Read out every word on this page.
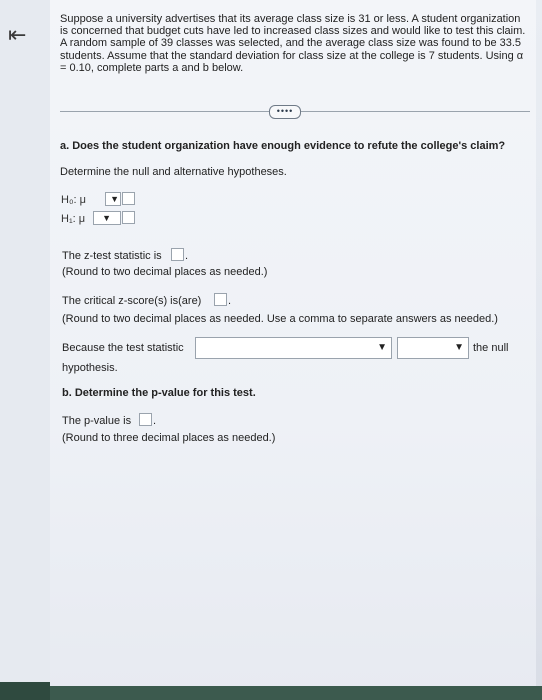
⇤
Suppose a university advertises that its average class size is 31 or less. A student organization is concerned that budget cuts have led to increased class sizes and would like to test this claim. A random sample of 39 classes was selected, and the average class size was found to be 33.5 students. Assume that the standard deviation for class size at the college is 7 students. Using α = 0.10, complete parts a and b below.
••••
a. Does the student organization have enough evidence to refute the college's claim?
Determine the null and alternative hypotheses.
H₀: μ	▼
H₁: μ ▼
The z-test statistic is .
(Round to two decimal places as needed.)
The critical z-score(s) is(are) .
(Round to two decimal places as needed. Use a comma to separate answers as needed.)
Because the test statistic	▼	▼ the null
hypothesis.
b. Determine the p-value for this test.
The p-value is .
(Round to three decimal places as needed.)
